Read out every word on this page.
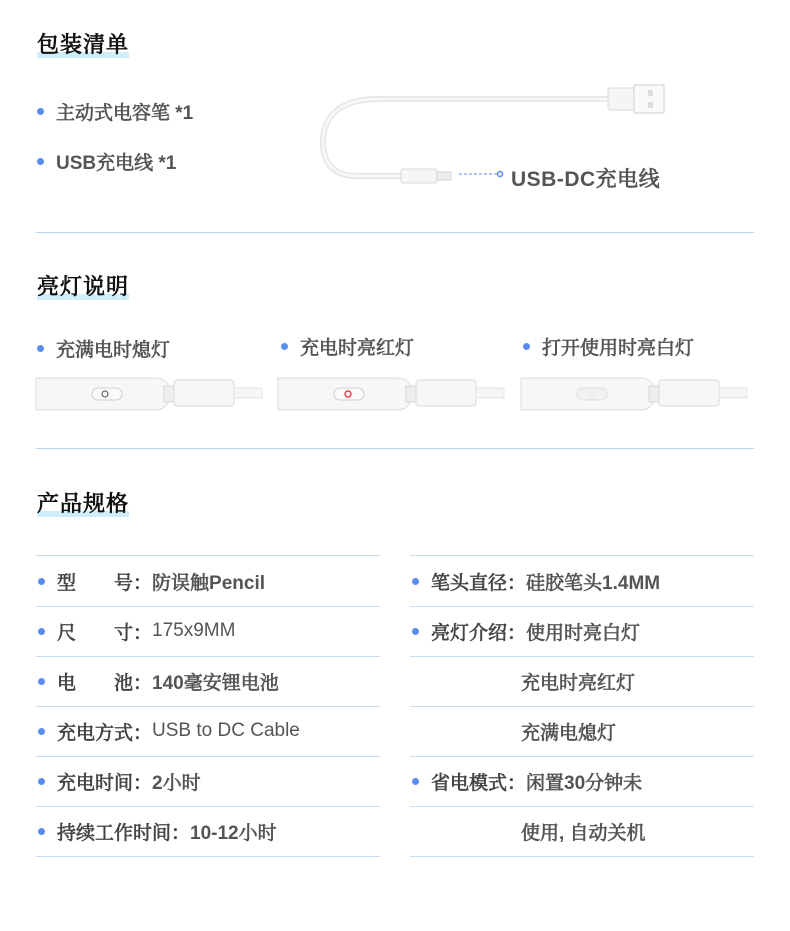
包装清单
主动式电容笔 *1
USB充电线 *1
USB-DC充电线
亮灯说明
充满电时熄灯	充电时亮红灯	打开使用时亮白灯
产品规格
型　　号 ： 防误触Pencil
尺　　寸 ： 175x9MM
电　　池 ： 140毫安锂电池
充电方式 ： USB to DC Cable
充电时间 ： 2小时
持续工作时间 ： 10-12小时
笔头直径 ： 硅胶笔头1.4MM
亮灯介绍 ： 使用时亮白灯
充电时亮红灯
充满电熄灯
省电模式 ： 闲置30分钟未
使用, 自动关机
